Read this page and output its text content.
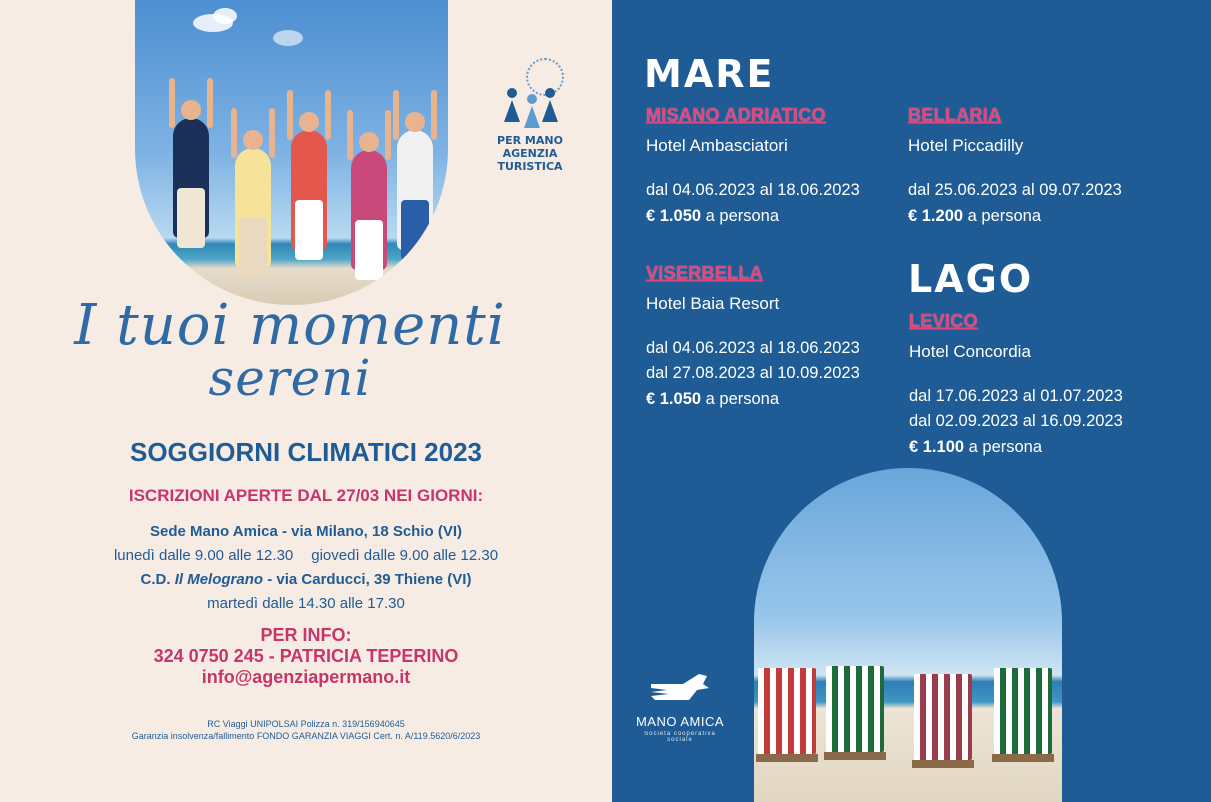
PER MANO
AGENZIA
TURISTICA
I tuoi momenti
sereni
SOGGIORNI CLIMATICI 2023
ISCRIZIONI APERTE DAL 27/03 NEI GIORNI:
Sede Mano Amica - via Milano, 18 Schio (VI)
lunedì dalle 9.00 alle 12.30 giovedì dalle 9.00 alle 12.30
C.D. Il Melograno - via Carducci, 39 Thiene (VI)
martedì dalle 14.30 alle 17.30
PER INFO:
324 0750 245 - PATRICIA TEPERINO
info@agenziapermano.it
RC Viaggi UNIPOLSAI Polizza n. 319/156940645
Garanzia insolvenza/fallimento FONDO GARANZIA VIAGGI Cert. n. A/119.5620/6/2023
MARE
MISANO ADRIATICO
Hotel Ambasciatori
dal 04.06.2023 al 18.06.2023
€ 1.050 a persona
BELLARIA
Hotel Piccadilly
dal 25.06.2023 al 09.07.2023
€ 1.200 a persona
VISERBELLA
Hotel Baia Resort
dal 04.06.2023 al 18.06.2023
dal 27.08.2023 al 10.09.2023
€ 1.050 a persona
LAGO
LEVICO
Hotel Concordia
dal 17.06.2023 al 01.07.2023
dal 02.09.2023 al 16.09.2023
€ 1.100 a persona
MANO AMICA
Società cooperativa sociale
